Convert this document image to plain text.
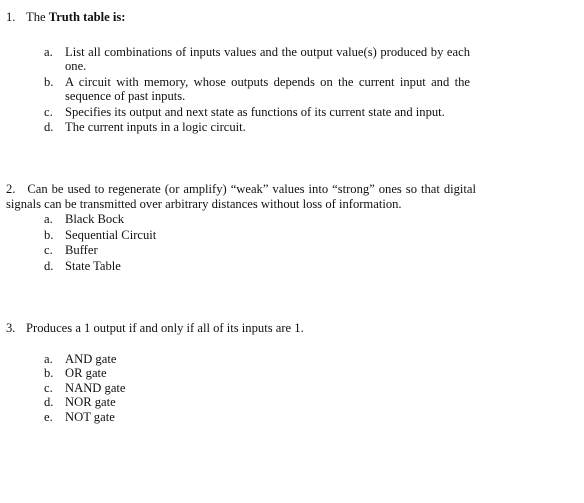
1. The Truth table is:
a. List all combinations of inputs values and the output value(s) produced by each one.
b. A circuit with memory, whose outputs depends on the current input and the sequence of past inputs.
c. Specifies its output and next state as functions of its current state and input.
d. The current inputs in a logic circuit.
2. Can be used to regenerate (or amplify) “weak” values into “strong” ones so that digital signals can be transmitted over arbitrary distances without loss of information.
a. Black Bock
b. Sequential Circuit
c. Buffer
d. State Table
3. Produces a 1 output if and only if all of its inputs are 1.
a. AND gate
b. OR gate
c. NAND gate
d. NOR gate
e. NOT gate
